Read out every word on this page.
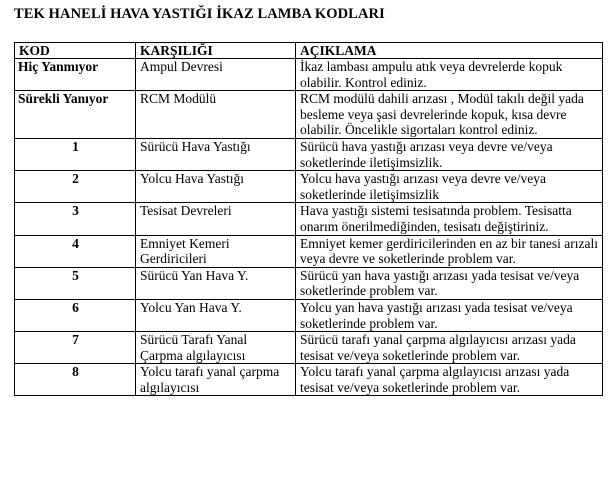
TEK HANELİ HAVA YASTIĞI İKAZ LAMBA KODLARI
KOD	KARŞILIĞI	AÇIKLAMA
Hiç Yanmıyor	Ampul Devresi	İkaz lambası ampulu atık veya devrelerde kopuk olabilir. Kontrol ediniz.
Sürekli Yanıyor	RCM Modülü	RCM modülü dahili arızası , Modül takılı değil yada besleme veya şasi devrelerinde kopuk, kısa devre olabilir. Öncelikle sigortaları kontrol ediniz.
1	Sürücü Hava Yastığı	Sürücü hava yastığı arızası veya devre ve/veya soketlerinde iletişimsizlik.
2	Yolcu Hava Yastığı	Yolcu hava yastığı arızası veya devre ve/veya soketlerinde iletişimsizlik
3	Tesisat Devreleri	Hava yastığı sistemi tesisatında problem. Tesisatta onarım önerilmediğinden, tesisatı değiştiriniz.
4	Emniyet Kemeri Gerdiricileri	Emniyet kemer gerdiricilerinden en az bir tanesi arızalı veya devre ve soketlerinde problem var.
5	Sürücü Yan Hava Y.	Sürücü yan hava yastığı arızası yada tesisat ve/veya soketlerinde problem var.
6	Yolcu Yan Hava Y.	Yolcu yan hava yastığı arızası yada tesisat ve/veya soketlerinde problem var.
7	Sürücü Tarafı Yanal Çarpma algılayıcısı	Sürücü tarafı yanal çarpma algılayıcısı arızası yada tesisat ve/veya soketlerinde problem var.
8	Yolcu tarafı yanal çarpma algılayıcısı	Yolcu tarafı yanal çarpma algılayıcısı arızası yada tesisat ve/veya soketlerinde problem var.
